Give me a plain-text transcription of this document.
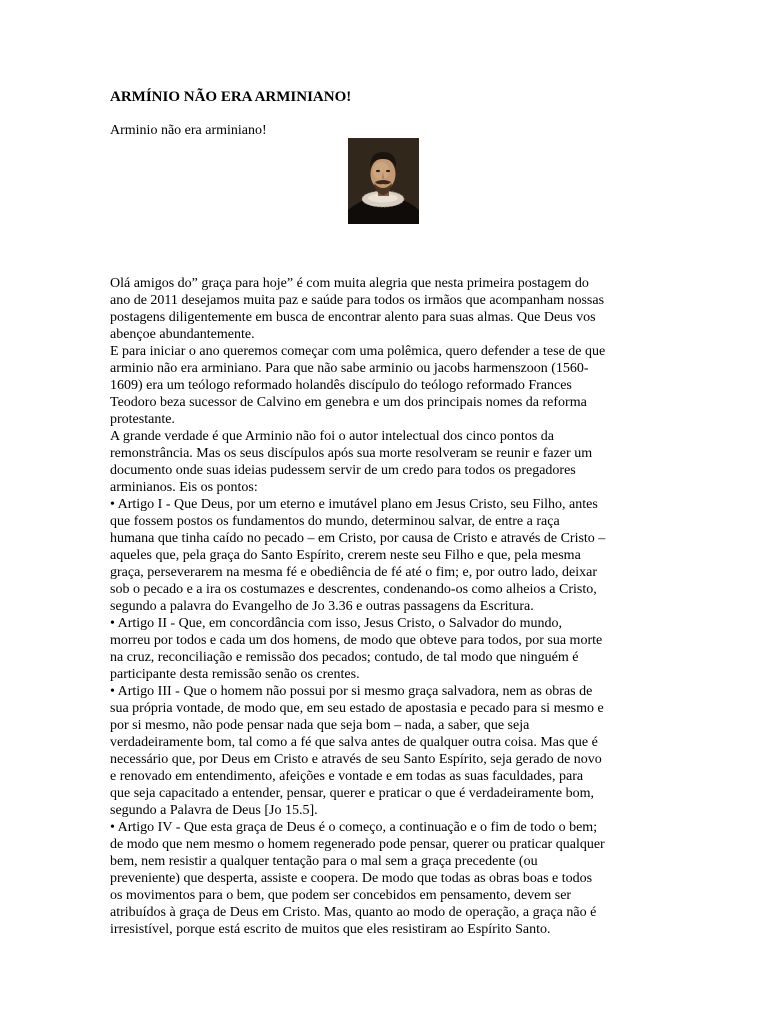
ARMÍNIO NÃO ERA ARMINIANO!

Arminio não era arminiano!

Olá amigos do” graça para hoje” é com muita alegria que nesta primeira postagem do

ano de 2011 desejamos muita paz e saúde para todos os irmãos que acompanham nossas

postagens diligentemente em busca de encontrar alento para suas almas. Que Deus vos

abençoe abundantemente.

E para iniciar o ano queremos começar com uma polêmica, quero defender a tese de que

arminio não era arminiano. Para que não sabe arminio ou jacobs harmenszoon (1560-

1609) era um teólogo reformado holandês discípulo do teólogo reformado Frances

Teodoro beza sucessor de Calvino em genebra e um dos principais nomes da reforma

protestante.

A grande verdade é que Arminio não foi o autor intelectual dos cinco pontos da

remonstrância. Mas os seus discípulos após sua morte resolveram se reunir e fazer um

documento onde suas ideias pudessem servir de um credo para todos os pregadores

arminianos. Eis os pontos:

• Artigo I - Que Deus, por um eterno e imutável plano em Jesus Cristo, seu Filho, antes

que fossem postos os fundamentos do mundo, determinou salvar, de entre a raça

humana que tinha caído no pecado – em Cristo, por causa de Cristo e através de Cristo –

aqueles que, pela graça do Santo Espírito, crerem neste seu Filho e que, pela mesma

graça, perseverarem na mesma fé e obediência de fé até o fim; e, por outro lado, deixar

sob o pecado e a ira os costumazes e descrentes, condenando-os como alheios a Cristo,

segundo a palavra do Evangelho de Jo 3.36 e outras passagens da Escritura.

• Artigo II - Que, em concordância com isso, Jesus Cristo, o Salvador do mundo,

morreu por todos e cada um dos homens, de modo que obteve para todos, por sua morte

na cruz, reconciliação e remissão dos pecados; contudo, de tal modo que ninguém é

participante desta remissão senão os crentes.

• Artigo III - Que o homem não possui por si mesmo graça salvadora, nem as obras de

sua própria vontade, de modo que, em seu estado de apostasia e pecado para si mesmo e

por si mesmo, não pode pensar nada que seja bom – nada, a saber, que seja

verdadeiramente bom, tal como a fé que salva antes de qualquer outra coisa. Mas que é

necessário que, por Deus em Cristo e através de seu Santo Espírito, seja gerado de novo

e renovado em entendimento, afeições e vontade e em todas as suas faculdades, para

que seja capacitado a entender, pensar, querer e praticar o que é verdadeiramente bom,

segundo a Palavra de Deus [Jo 15.5].

• Artigo IV - Que esta graça de Deus é o começo, a continuação e o fim de todo o bem;

de modo que nem mesmo o homem regenerado pode pensar, querer ou praticar qualquer

bem, nem resistir a qualquer tentação para o mal sem a graça precedente (ou

preveniente) que desperta, assiste e coopera. De modo que todas as obras boas e todos

os movimentos para o bem, que podem ser concebidos em pensamento, devem ser

atribuídos à graça de Deus em Cristo. Mas, quanto ao modo de operação, a graça não é

irresistível, porque está escrito de muitos que eles resistiram ao Espírito Santo.
